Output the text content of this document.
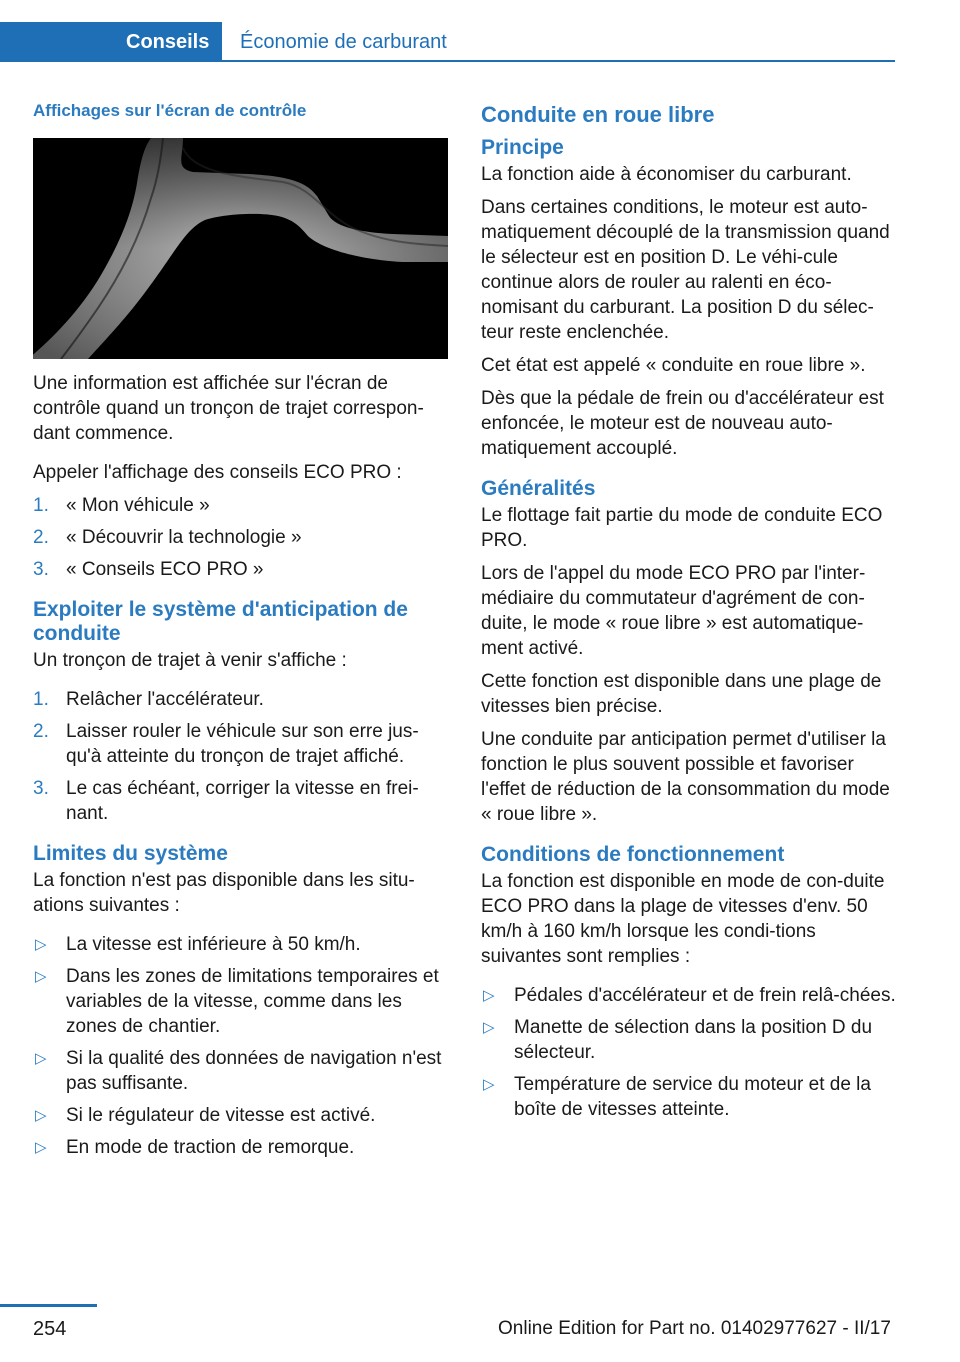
Conseils	Économie de carburant
Affichages sur l'écran de contrôle

Une information est affichée sur l'écran de contrôle quand un tronçon de trajet correspon‐dant commence.

Appeler l'affichage des conseils ECO PRO :

1. « Mon véhicule »
2. « Découvrir la technologie »
3. « Conseils ECO PRO »
Exploiter le système d'anticipation de conduite

Un tronçon de trajet à venir s'affiche :

1. Relâcher l'accélérateur.
2. Laisser rouler le véhicule sur son erre jus‐qu'à atteinte du tronçon de trajet affiché.
3. Le cas échéant, corriger la vitesse en frei‐nant.
Limites du système

La fonction n'est pas disponible dans les situ‐ations suivantes :

▷ La vitesse est inférieure à 50 km/h.
▷ Dans les zones de limitations temporaires et variables de la vitesse, comme dans les zones de chantier.
▷ Si la qualité des données de navigation n'est pas suffisante.
▷ Si le régulateur de vitesse est activé.
▷ En mode de traction de remorque.
Conduite en roue libre
Principe

La fonction aide à économiser du carburant.

Dans certaines conditions, le moteur est auto‐matiquement découplé de la transmission quand le sélecteur est en position D. Le véhi‐cule continue alors de rouler au ralenti en éco‐nomisant du carburant. La position D du sélec‐teur reste enclenchée.

Cet état est appelé « conduite en roue libre ».

Dès que la pédale de frein ou d'accélérateur est enfoncée, le moteur est de nouveau auto‐matiquement accouplé.

Généralités

Le flottage fait partie du mode de conduite ECO PRO.

Lors de l'appel du mode ECO PRO par l'inter‐médiaire du commutateur d'agrément de con‐duite, le mode « roue libre » est automatique‐ment activé.

Cette fonction est disponible dans une plage de vitesses bien précise.

Une conduite par anticipation permet d'utiliser la fonction le plus souvent possible et favoriser l'effet de réduction de la consommation du mode « roue libre ».

Conditions de fonctionnement

La fonction est disponible en mode de con‐duite ECO PRO dans la plage de vitesses d'env. 50 km/h à 160 km/h lorsque les condi‐tions suivantes sont remplies :

▷ Pédales d'accélérateur et de frein relâ‐chées.
▷ Manette de sélection dans la position D du sélecteur.
▷ Température de service du moteur et de la boîte de vitesses atteinte.
254	Online Edition for Part no. 01402977627 - II/17
